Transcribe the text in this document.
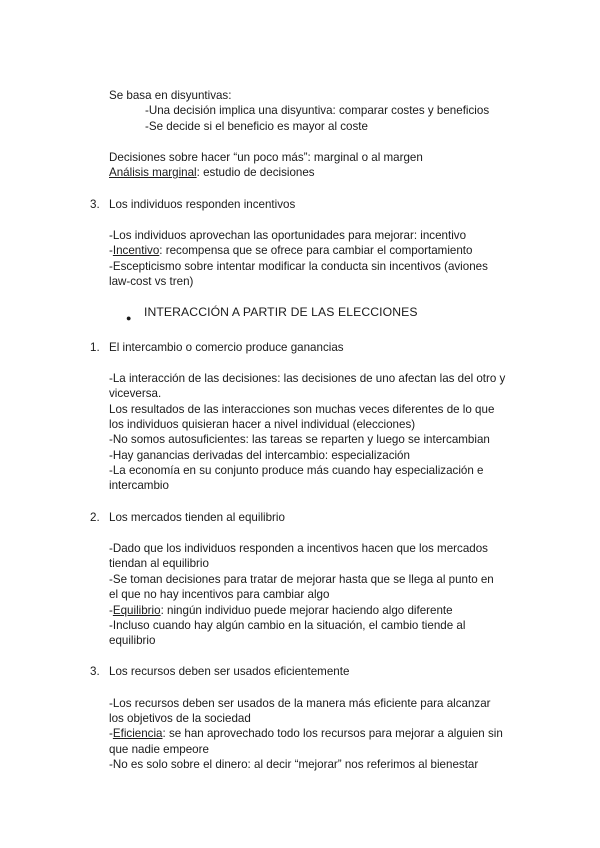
Se basa en disyuntivas:
-Una decisión implica una disyuntiva: comparar costes y beneficios
-Se decide si el beneficio es mayor al coste
Decisiones sobre hacer “un poco más”: marginal o al margen
Análisis marginal: estudio de decisiones
3. Los individuos responden incentivos
-Los individuos aprovechan las oportunidades para mejorar: incentivo
-Incentivo: recompensa que se ofrece para cambiar el comportamiento
-Escepticismo sobre intentar modificar la conducta sin incentivos (aviones
law-cost vs tren)
● INTERACCIÓN A PARTIR DE LAS ELECCIONES
1. El intercambio o comercio produce ganancias
-La interacción de las decisiones: las decisiones de uno afectan las del otro y
viceversa.
Los resultados de las interacciones son muchas veces diferentes de lo que
los individuos quisieran hacer a nivel individual (elecciones)
-No somos autosuficientes: las tareas se reparten y luego se intercambian
-Hay ganancias derivadas del intercambio: especialización
-La economía en su conjunto produce más cuando hay especialización e
intercambio
2. Los mercados tienden al equilibrio
-Dado que los individuos responden a incentivos hacen que los mercados
tiendan al equilibrio
-Se toman decisiones para tratar de mejorar hasta que se llega al punto en
el que no hay incentivos para cambiar algo
-Equilibrio: ningún individuo puede mejorar haciendo algo diferente
-Incluso cuando hay algún cambio en la situación, el cambio tiende al
equilibrio
3. Los recursos deben ser usados eficientemente
-Los recursos deben ser usados de la manera más eficiente para alcanzar
los objetivos de la sociedad
-Eficiencia: se han aprovechado todo los recursos para mejorar a alguien sin
que nadie empeore
-No es solo sobre el dinero: al decir “mejorar” nos referimos al bienestar
